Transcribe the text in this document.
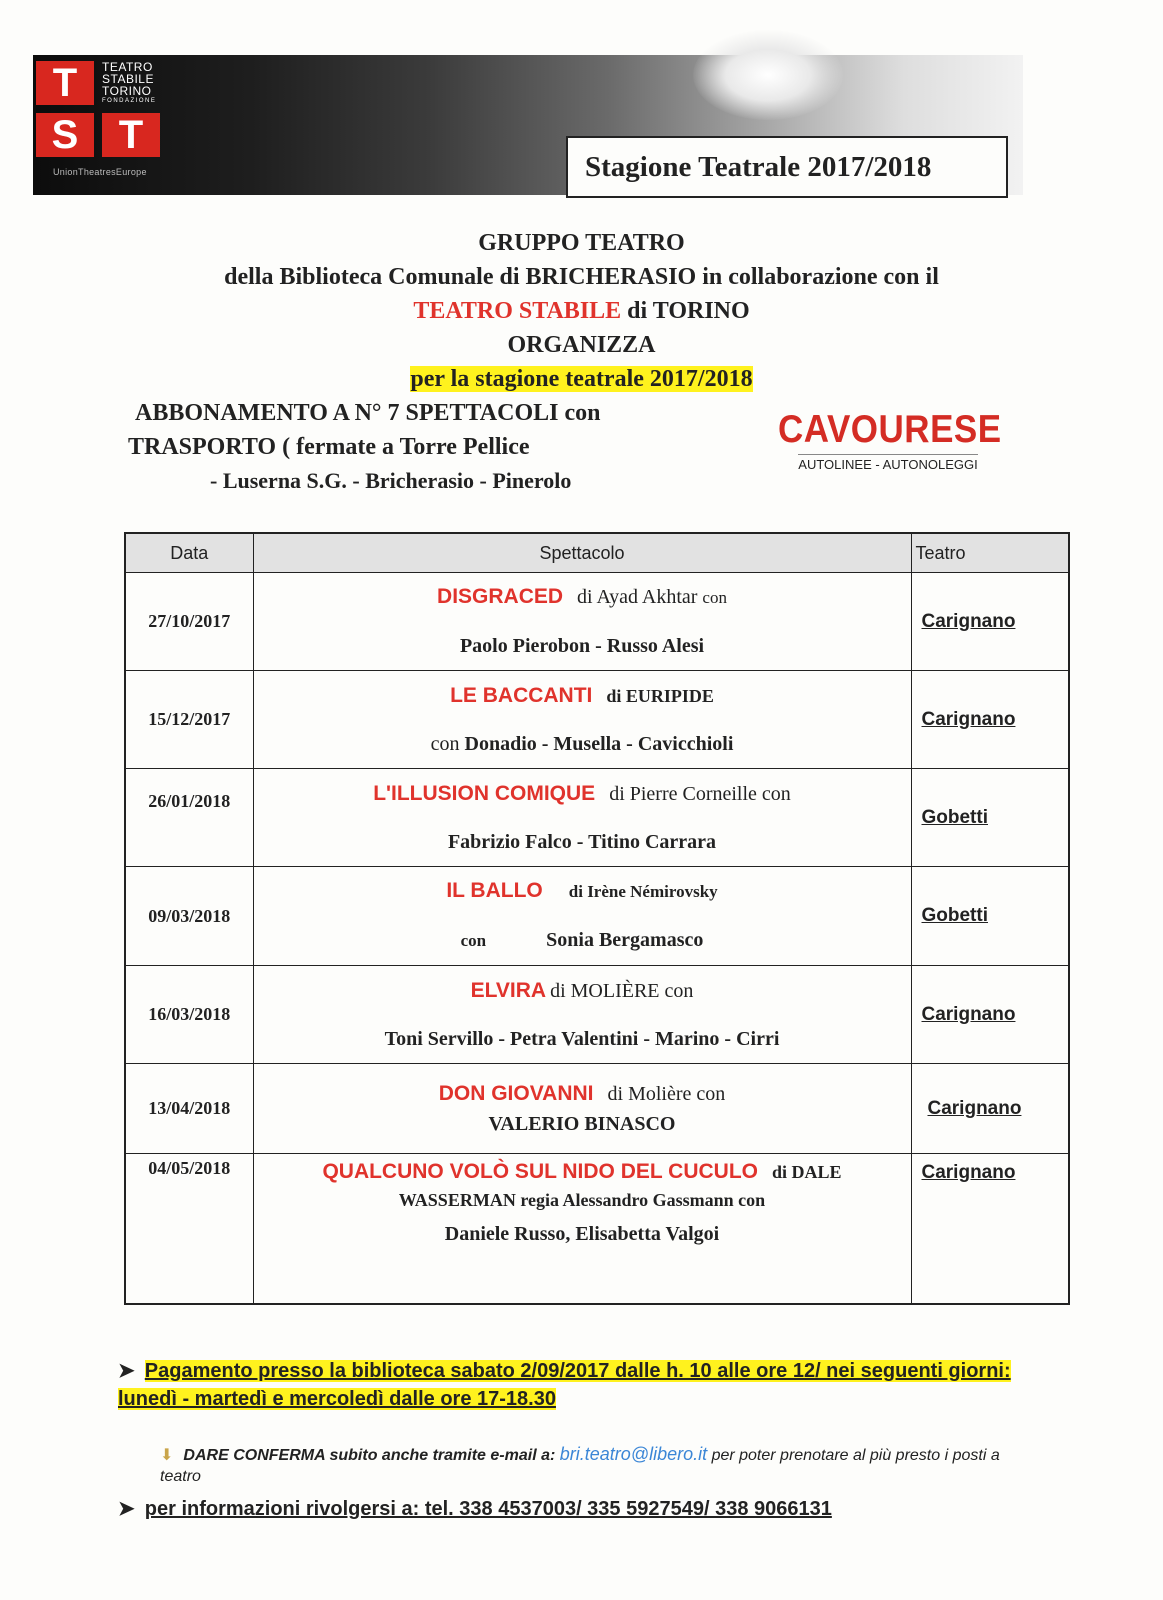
T
S	T
TEATRO
STABILE
TORINO
FONDAZIONE
UnionTheatresEurope	Stagione Teatrale 2017/2018
GRUPPO TEATRO
della Biblioteca Comunale di BRICHERASIO in collaborazione con il
TEATRO STABILE di TORINO
ORGANIZZA
per la stagione teatrale 2017/2018
ABBONAMENTO A N° 7 SPETTACOLI con
TRASPORTO ( fermate a Torre Pellice
- Luserna S.G. - Bricherasio - Pinerolo
CAVOURESE
AUTOLINEE - AUTONOLEGGI
Data	Spettacolo	Teatro
27/10/2017	DISGRACED di Ayad Akhtar con
Paolo Pierobon - Russo Alesi	Carignano
15/12/2017	LE BACCANTI di EURIPIDE
con Donadio - Musella - Cavicchioli	Carignano
26/01/2018	L'ILLUSION COMIQUE di Pierre Corneille con
Fabrizio Falco - Titino Carrara	Gobetti
09/03/2018	IL BALLO di Irène Némirovsky
con Sonia Bergamasco	Gobetti
16/03/2018	ELVIRA di MOLIÈRE con
Toni Servillo - Petra Valentini - Marino - Cirri	Carignano
13/04/2018	DON GIOVANNI di Molière con
VALERIO BINASCO	Carignano
04/05/2018	QUALCUNO VOLÒ SUL NIDO DEL CUCULO di DALE
WASSERMAN regia Alessandro Gassmann con
Daniele Russo, Elisabetta Valgoi	Carignano
➤ Pagamento presso la biblioteca sabato 2/09/2017 dalle h. 10 alle ore 12/ nei seguenti giorni: lunedì - martedì e mercoledì dalle ore 17-18.30
⬇ DARE CONFERMA subito anche tramite e-mail a: bri.teatro@libero.it per poter prenotare al più presto i posti a teatro
➤ per informazioni rivolgersi a: tel. 338 4537003/ 335 5927549/ 338 9066131
